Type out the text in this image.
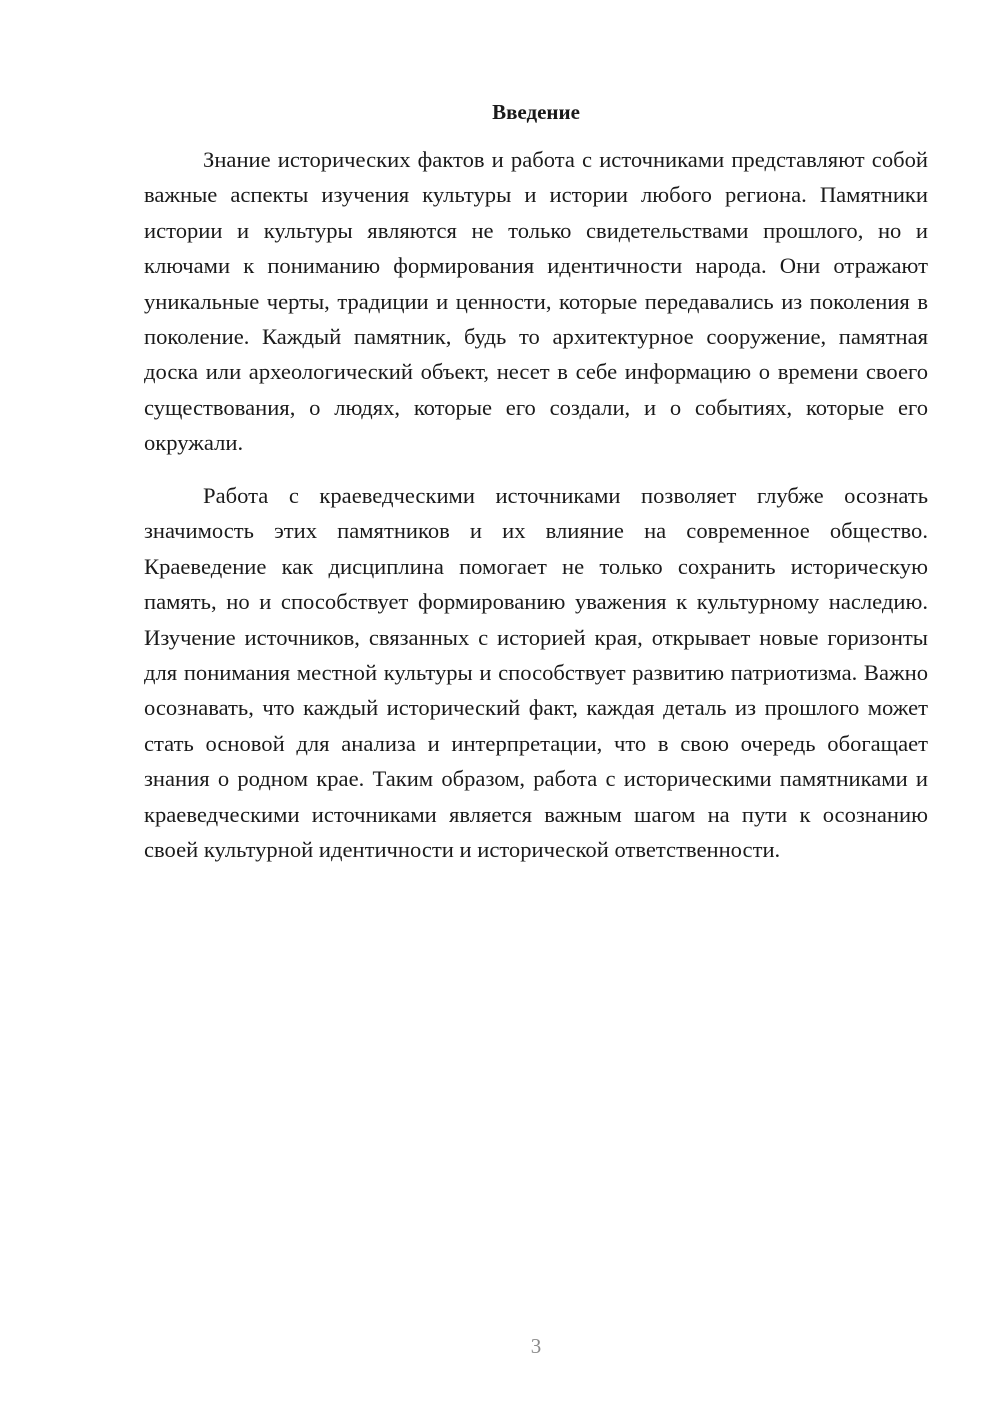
Введение

Знание исторических фактов и работа с источниками представляют собой важные аспекты изучения культуры и истории любого региона. Памятники истории и культуры являются не только свидетельствами прошлого, но и ключами к пониманию формирования идентичности народа. Они отражают уникальные черты, традиции и ценности, которые передавались из поколения в поколение. Каждый памятник, будь то архитектурное сооружение, памятная доска или археологический объект, несет в себе информацию о времени своего существования, о людях, которые его создали, и о событиях, которые его окружали.

Работа с краеведческими источниками позволяет глубже осознать значимость этих памятников и их влияние на современное общество. Краеведение как дисциплина помогает не только сохранить историческую память, но и способствует формированию уважения к культурному наследию. Изучение источников, связанных с историей края, открывает новые горизонты для понимания местной культуры и способствует развитию патриотизма. Важно осознавать, что каждый исторический факт, каждая деталь из прошлого может стать основой для анализа и интерпретации, что в свою очередь обогащает знания о родном крае. Таким образом, работа с историческими памятниками и краеведческими источниками является важным шагом на пути к осознанию своей культурной идентичности и исторической ответственности.

3
